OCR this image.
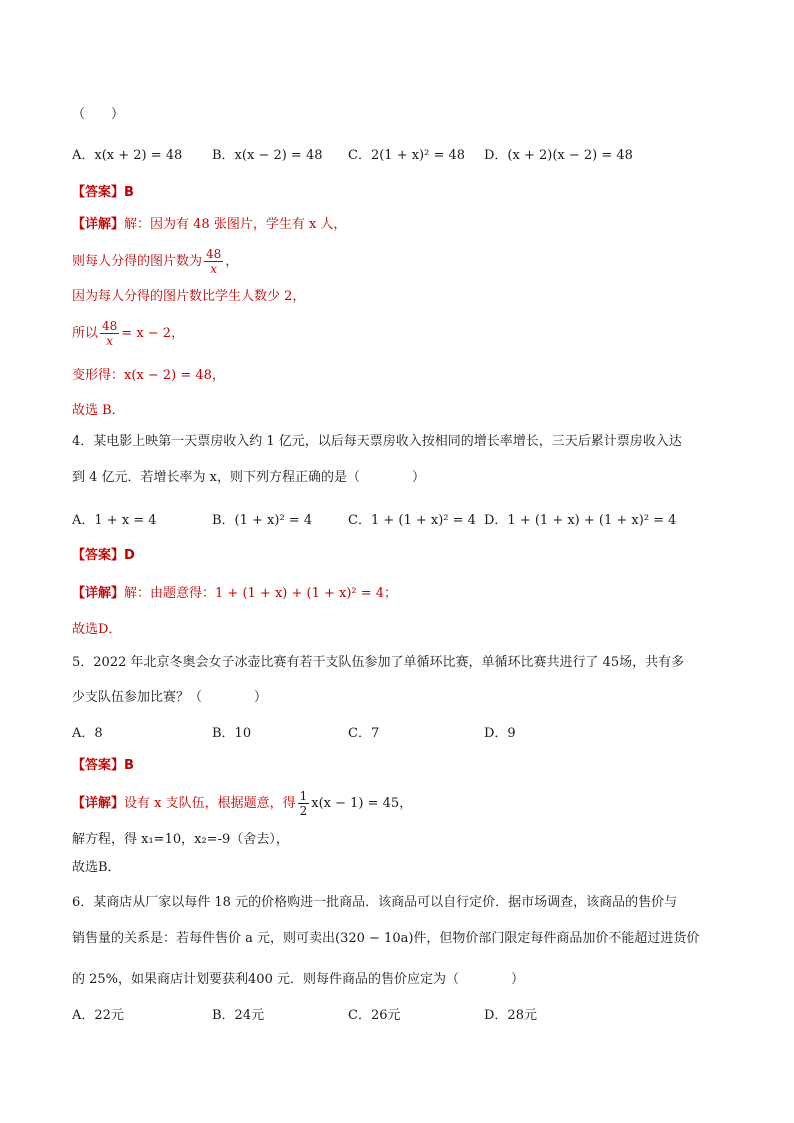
（　　）
A．x(x + 2) = 48 B．x(x − 2) = 48 C．2(1 + x)² = 48 D．(x + 2)(x − 2) = 48
【答案】B
【详解】解：因为有 48 张图片，学生有 x 人，
则每人分得的图片数为 $\frac{48}{x}$ ，
因为每人分得的图片数比学生人数少 2，
所以 $\frac{48}{x} = x - 2$，
变形得：x(x − 2) = 48，
故选 B．
4．某电影上映第一天票房收入约 1 亿元，以后每天票房收入按相同的增长率增长，三天后累计票房收入达
到 4 亿元．若增长率为 x，则下列方程正确的是（　　　　）
A．1 + x = 4	B．(1 + x)² = 4	C．1 + (1 + x)² = 4 D．1 + (1 + x) + (1 + x)² = 4
【答案】D
【详解】解：由题意得：1 + (1 + x) + (1 + x)² = 4；
故选D．
5．2022 年北京冬奥会女子冰壶比赛有若干支队伍参加了单循环比赛，单循环比赛共进行了 45场，共有多
少支队伍参加比赛？（　　　　）
A．8	B．10	C．7	D．9
【答案】B
【详解】设有 x 支队伍，根据题意，得 $\frac{1}{2} x(x - 1) = 45$，
解方程，得 x₁=10，x₂=-9（舍去），
故选B．
6．某商店从厂家以每件 18 元的价格购进一批商品．该商品可以自行定价．据市场调查，该商品的售价与
销售量的关系是：若每件售价 a 元，则可卖出(320 − 10a)件，但物价部门限定每件商品加价不能超过进货价
的 25%，如果商店计划要获利400 元．则每件商品的售价应定为（　　　　）
A．22元	B．24元	C．26元	D．28元
